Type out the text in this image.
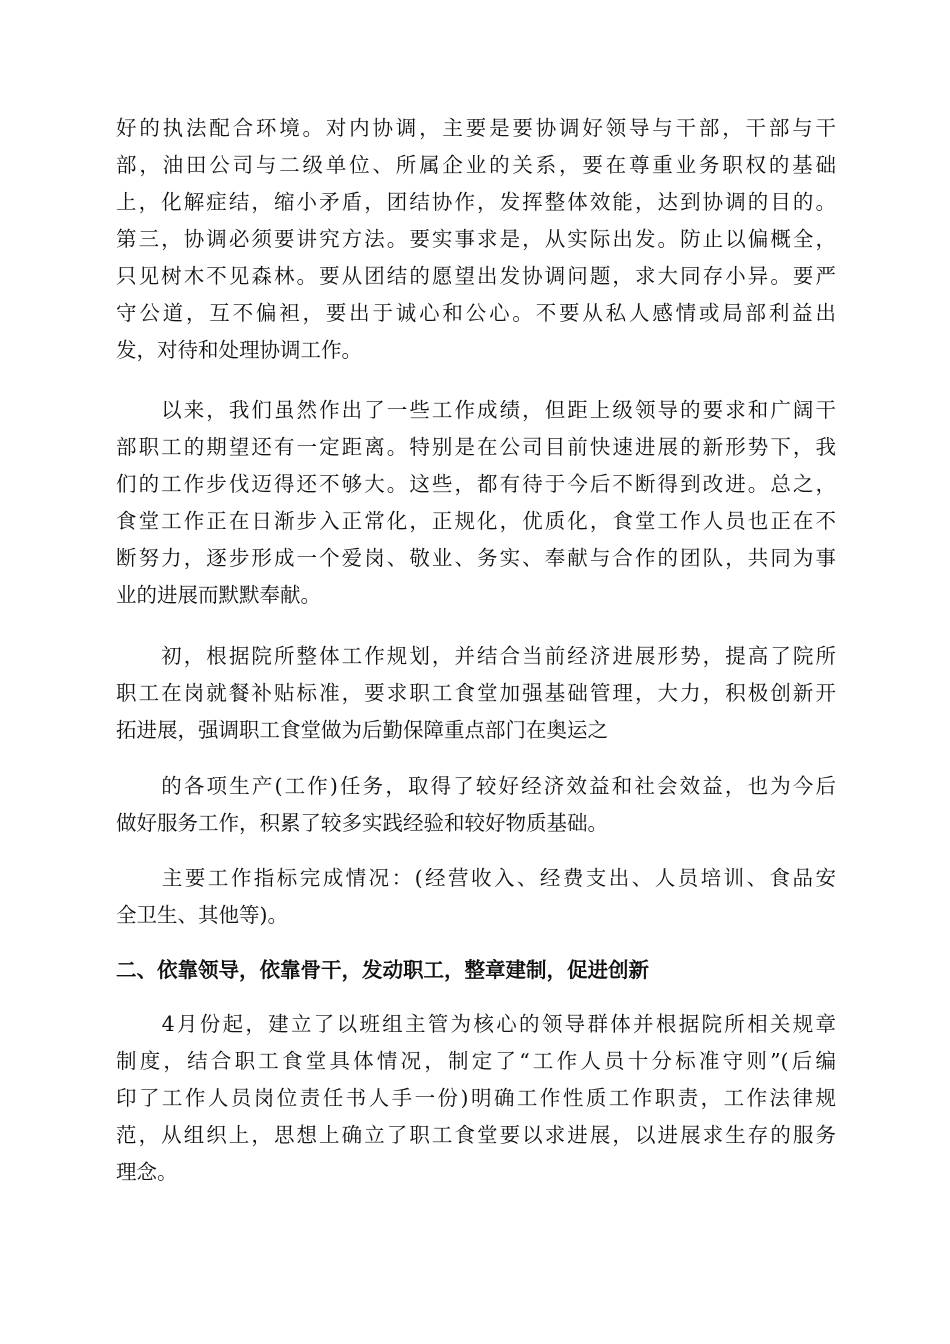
好的执法配合环境。对内协调，主要是要协调好领导与干部，干部与干
部，油田公司与二级单位、所属企业的关系，要在尊重业务职权的基础
上，化解症结，缩小矛盾，团结协作，发挥整体效能，达到协调的目的。
第三，协调必须要讲究方法。要实事求是，从实际出发。防止以偏概全，
只见树木不见森林。要从团结的愿望出发协调问题，求大同存小异。要严
守公道，互不偏袒，要出于诚心和公心。不要从私人感情或局部利益出
发，对待和处理协调工作。
　　以来，我们虽然作出了一些工作成绩，但距上级领导的要求和广阔干
部职工的期望还有一定距离。特别是在公司目前快速进展的新形势下，我
们的工作步伐迈得还不够大。这些，都有待于今后不断得到改进。总之，
食堂工作正在日渐步入正常化，正规化，优质化，食堂工作人员也正在不
断努力，逐步形成一个爱岗、敬业、务实、奉献与合作的团队，共同为事
业的进展而默默奉献。
　　初，根据院所整体工作规划，并结合当前经济进展形势，提高了院所
职工在岗就餐补贴标准，要求职工食堂加强基础管理，大力，积极创新开
拓进展，强调职工食堂做为后勤保障重点部门在奥运之
　　的各项生产(工作)任务，取得了较好经济效益和社会效益，也为今后
做好服务工作，积累了较多实践经验和较好物质基础。
　　主要工作指标完成情况：(经营收入、经费支出、人员培训、食品安
全卫生、其他等)。
二、依靠领导，依靠骨干，发动职工，整章建制，促进创新
　　4月份起，建立了以班组主管为核心的领导群体并根据院所相关规章
制度，结合职工食堂具体情况，制定了“工作人员十分标准守则”(后编
印了工作人员岗位责任书人手一份)明确工作性质工作职责，工作法律规
范，从组织上，思想上确立了职工食堂要以求进展，以进展求生存的服务
理念。
